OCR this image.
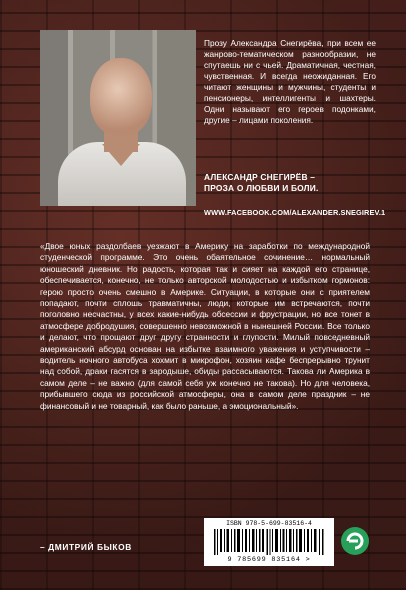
Прозу Александра Снегирёва, при всем ее жанрово-тематическом разнообразии, не спутаешь ни с чьей. Драматичная, честная, чувственная. И всегда неожиданная. Его читают женщины и мужчины, студенты и пенсионеры, интеллигенты и шахтеры. Одни называют его героев подонками, другие – лицами поколения.

АЛЕКСАНДР СНЕГИРЁВ –
ПРОЗА О ЛЮБВИ И БОЛИ.

WWW.FACEBOOK.COM/ALEXANDER.SNEGIREV.1

«Двое юных раздолбаев уезжают в Америку на заработки по международной студенческой программе. Это очень обаятельное сочинение… нормальный юношеский дневник. Но радость, которая так и сияет на каждой его странице, обеспечивается, конечно, не только авторской молодостью и избытком гормонов: герою просто очень смешно в Америке. Ситуации, в которые они с приятелем попадают, почти сплошь травматичны, люди, которые им встречаются, почти поголовно несчастны, у всех какие-нибудь обсессии и фрустрации, но все тонет в атмосфере добродушия, совершенно невозможной в нынешней России. Все только и делают, что прощают друг другу странности и глупости. Милый повседневный американский абсурд основан на избытке взаимного уважения и уступчивости – водитель ночного автобуса хохмит в микрофон, хозяин кафе беспрерывно трунит над собой, драки гасятся в зародыше, обиды рассасываются. Такова ли Америка в самом деле – не важно (для самой себя уж конечно не такова). Но для человека, прибывшего сюда из российской атмосферы, она в самом деле праздник – не финансовый и не товарный, как было раньше, а эмоциональный».

– ДМИТРИЙ БЫКОВ

ISBN 978-5-699-83516-4
9 785699 835164 >
